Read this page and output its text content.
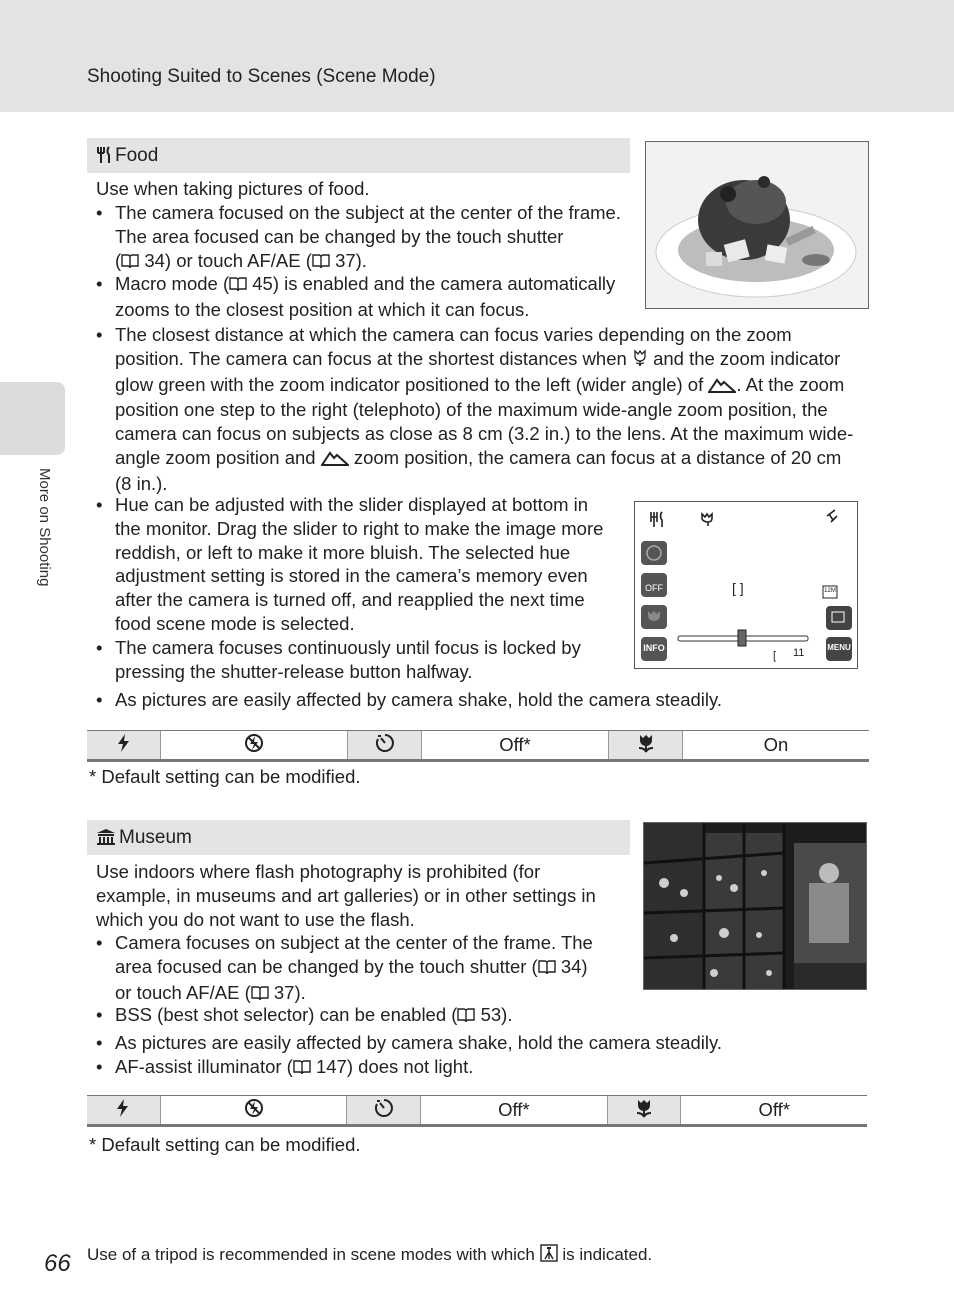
Shooting Suited to Scenes (Scene Mode)
More on Shooting
Food
Use when taking pictures of food.
• The camera focused on the subject at the center of the frame.
The area focused can be changed by the touch shutter
( 34) or touch AF/AE ( 37).
• Macro mode ( 45) is enabled and the camera automatically
zooms to the closest position at which it can focus.
• The closest distance at which the camera can focus varies depending on the zoom
position. The camera can focus at the shortest distances when and the zoom indicator
glow green with the zoom indicator positioned to the left (wider angle) of . At the zoom
position one step to the right (telephoto) of the maximum wide-angle zoom position, the
camera can focus on subjects as close as 8 cm (3.2 in.) to the lens. At the maximum wide-
angle zoom position and zoom position, the camera can focus at a distance of 20 cm
(8 in.).
• Hue can be adjusted with the slider displayed at bottom in
the monitor. Drag the slider to right to make the image more
reddish, or left to make it more bluish. The selected hue
adjustment setting is stored in the camera’s memory even
after the camera is turned off, and reapplied the next time
food scene mode is selected.
• The camera focuses continuously until focus is locked by
pressing the shutter-release button halfway.
• As pictures are easily affected by camera shake, hold the camera steadily.
OFF	[ ]
[
INFO	MENU
12M
11
			Off*		On
* Default setting can be modified.
Museum
Use indoors where flash photography is prohibited (for
example, in museums and art galleries) or in other settings in
which you do not want to use the flash.
• Camera focuses on subject at the center of the frame. The
area focused can be changed by the touch shutter ( 34)
or touch AF/AE ( 37).
• BSS (best shot selector) can be enabled ( 53).
• As pictures are easily affected by camera shake, hold the camera steadily.
• AF-assist illuminator ( 147) does not light.
			Off*		Off*
* Default setting can be modified.
66 Use of a tripod is recommended in scene modes with which is indicated.
